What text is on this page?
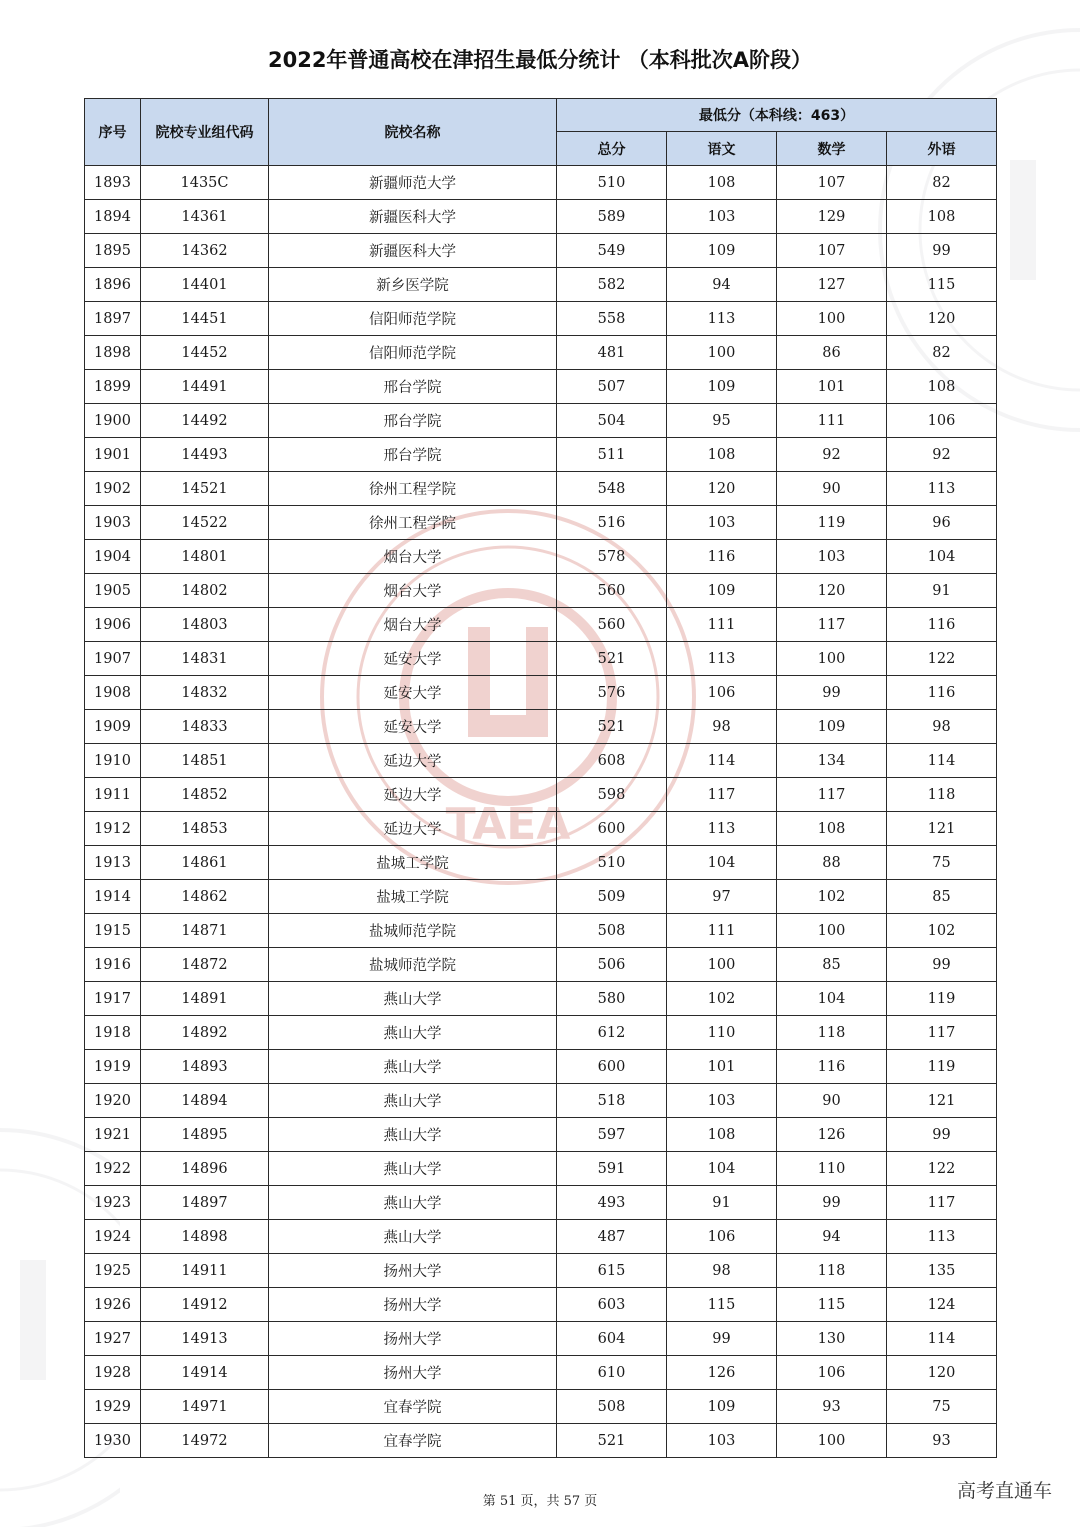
TAEA
2022年普通高校在津招生最低分统计 （本科批次A阶段）
序号	院校专业组代码	院校名称	最低分（本科线：463）			
			总分	语文	数学	外语
1893	1435C	新疆师范大学	510	108	107	82
1894	14361	新疆医科大学	589	103	129	108
1895	14362	新疆医科大学	549	109	107	99
1896	14401	新乡医学院	582	94	127	115
1897	14451	信阳师范学院	558	113	100	120
1898	14452	信阳师范学院	481	100	86	82
1899	14491	邢台学院	507	109	101	108
1900	14492	邢台学院	504	95	111	106
1901	14493	邢台学院	511	108	92	92
1902	14521	徐州工程学院	548	120	90	113
1903	14522	徐州工程学院	516	103	119	96
1904	14801	烟台大学	578	116	103	104
1905	14802	烟台大学	560	109	120	91
1906	14803	烟台大学	560	111	117	116
1907	14831	延安大学	521	113	100	122
1908	14832	延安大学	576	106	99	116
1909	14833	延安大学	521	98	109	98
1910	14851	延边大学	608	114	134	114
1911	14852	延边大学	598	117	117	118
1912	14853	延边大学	600	113	108	121
1913	14861	盐城工学院	510	104	88	75
1914	14862	盐城工学院	509	97	102	85
1915	14871	盐城师范学院	508	111	100	102
1916	14872	盐城师范学院	506	100	85	99
1917	14891	燕山大学	580	102	104	119
1918	14892	燕山大学	612	110	118	117
1919	14893	燕山大学	600	101	116	119
1920	14894	燕山大学	518	103	90	121
1921	14895	燕山大学	597	108	126	99
1922	14896	燕山大学	591	104	110	122
1923	14897	燕山大学	493	91	99	117
1924	14898	燕山大学	487	106	94	113
1925	14911	扬州大学	615	98	118	135
1926	14912	扬州大学	603	115	115	124
1927	14913	扬州大学	604	99	130	114
1928	14914	扬州大学	610	126	106	120
1929	14971	宜春学院	508	109	93	75
1930	14972	宜春学院	521	103	100	93
第 51 页，共 57 页	高考直通车
